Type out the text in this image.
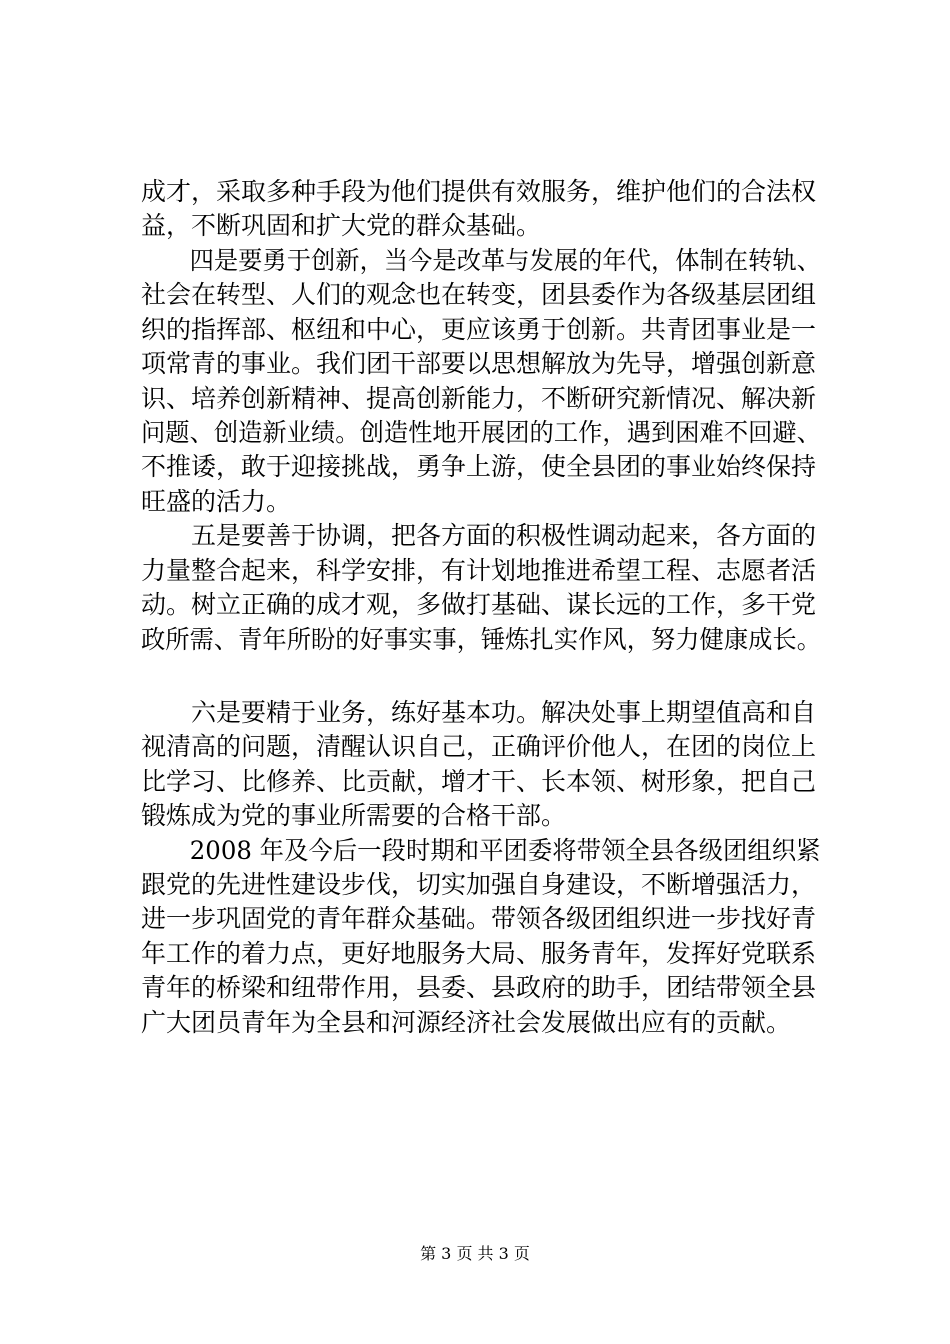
成才，采取多种手段为他们提供有效服务，维护他们的合法权
益，不断巩固和扩大党的群众基础。
　　四是要勇于创新，当今是改革与发展的年代，体制在转轨、
社会在转型、人们的观念也在转变，团县委作为各级基层团组
织的指挥部、枢纽和中心，更应该勇于创新。共青团事业是一
项常青的事业。我们团干部要以思想解放为先导，增强创新意
识、培养创新精神、提高创新能力，不断研究新情况、解决新
问题、创造新业绩。创造性地开展团的工作，遇到困难不回避、
不推诿，敢于迎接挑战，勇争上游，使全县团的事业始终保持
旺盛的活力。
　　五是要善于协调，把各方面的积极性调动起来，各方面的
力量整合起来，科学安排，有计划地推进希望工程、志愿者活
动。树立正确的成才观，多做打基础、谋长远的工作，多干党
政所需、青年所盼的好事实事，锤炼扎实作风，努力健康成长。
　　六是要精于业务，练好基本功。解决处事上期望值高和自
视清高的问题，清醒认识自己，正确评价他人，在团的岗位上
比学习、比修养、比贡献，增才干、长本领、树形象，把自己
锻炼成为党的事业所需要的合格干部。
　　2008 年及今后一段时期和平团委将带领全县各级团组织紧
跟党的先进性建设步伐，切实加强自身建设，不断增强活力，
进一步巩固党的青年群众基础。带领各级团组织进一步找好青
年工作的着力点，更好地服务大局、服务青年，发挥好党联系
青年的桥梁和纽带作用，县委、县政府的助手，团结带领全县
广大团员青年为全县和河源经济社会发展做出应有的贡献。
第 3 页 共 3 页
